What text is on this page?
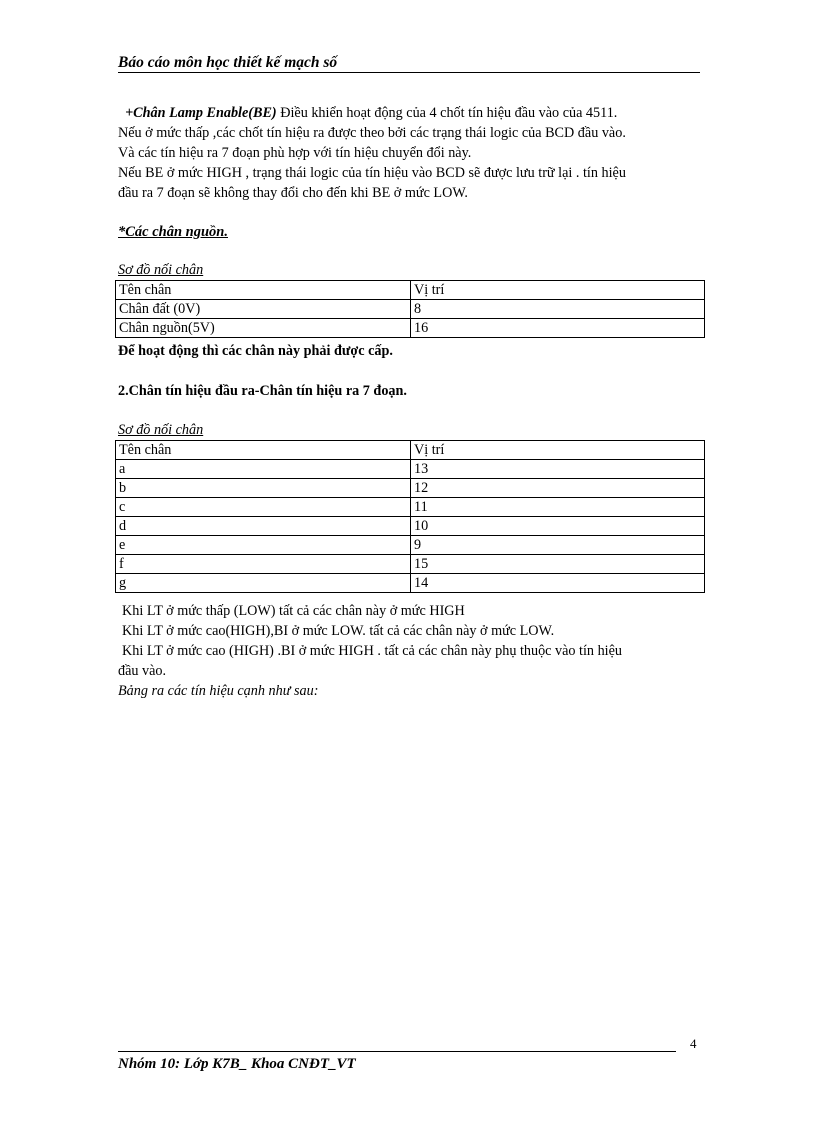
Báo cáo môn học thiết kế mạch số
+Chân Lamp Enable(BE) Điều khiển hoạt động của 4 chốt tín hiệu đầu vào của 4511.
Nếu ở mức thấp ,các chốt tín hiệu ra được theo bởi các trạng thái logic của BCD đầu vào.
Và các tín hiệu ra 7 đoạn phù hợp với tín hiệu chuyển đổi này.
Nếu BE ở mức HIGH , trạng thái logic của tín hiệu vào BCD sẽ được lưu trữ lại . tín hiệu
đầu ra 7 đoạn sẽ không thay đổi cho đến khi BE ở mức LOW.
*Các chân nguồn.
Sơ đồ nối chân
Tên chân	Vị trí
Chân đất (0V)	8
Chân nguồn(5V)	16
Để hoạt động thì các chân này phải được cấp.
2.Chân tín hiệu đầu ra-Chân tín hiệu ra 7 đoạn.
Sơ đồ nối chân
Tên chân	Vị trí
a	13
b	12
c	11
d	10
e	9
f	15
g	14
Khi LT ở mức thấp (LOW) tất cả các chân này ở mức HIGH
Khi LT ở mức cao(HIGH),BI ở mức LOW. tất cả các chân này ở mức LOW.
Khi LT ở mức cao (HIGH) .BI ở mức HIGH . tất cả các chân này phụ thuộc vào tín hiệu
đầu vào.
Bảng ra các tín hiệu cạnh như sau:
4
Nhóm 10: Lớp K7B_ Khoa CNĐT_VT
